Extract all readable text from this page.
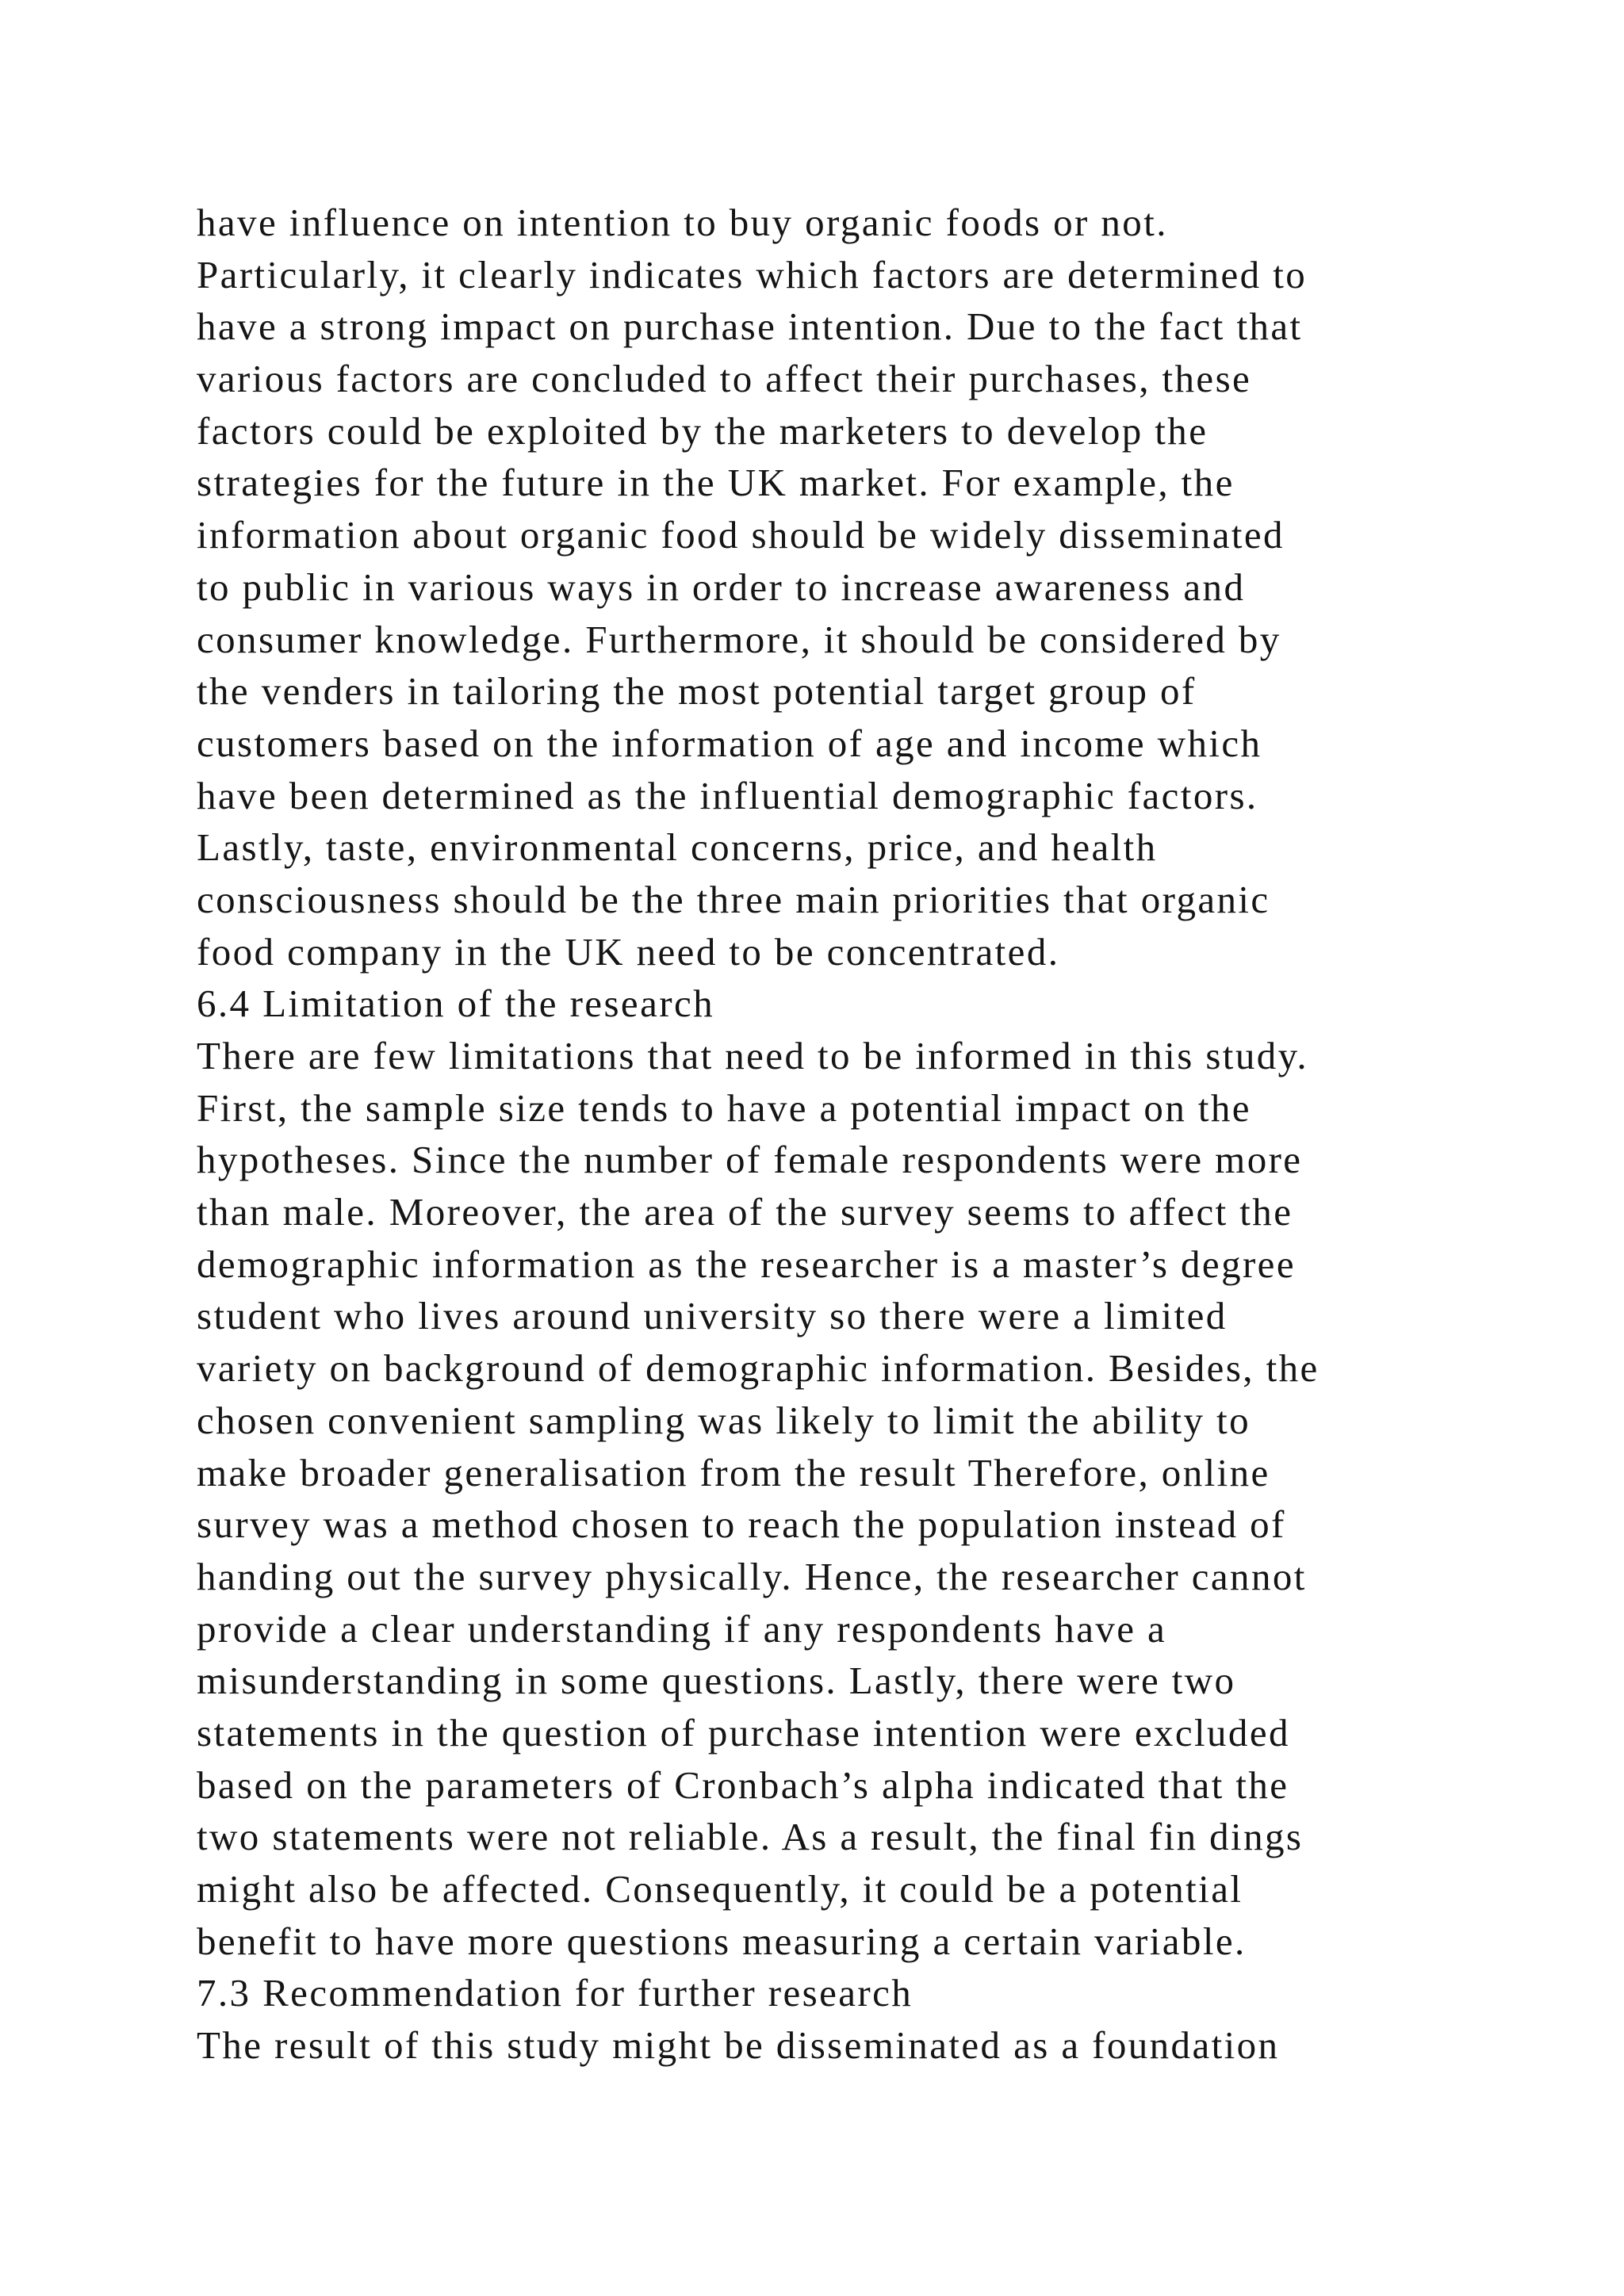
have influence on intention to buy organic foods or not.
Particularly, it clearly indicates which factors are determined to
have a strong impact on purchase intention. Due to the fact that
various factors are concluded to affect their purchases, these
factors could be exploited by the marketers to develop the
strategies for the future in the UK market. For example, the
information about organic food should be widely disseminated
to public in various ways in order to increase awareness and
consumer knowledge. Furthermore, it should be considered by
the venders in tailoring the most potential target group of
customers based on the information of age and income which
have been determined as the influential demographic factors.
Lastly, taste, environmental concerns, price, and health
consciousness should be the three main priorities that organic
food company in the UK need to be concentrated.
6.4 Limitation of the research
There are few limitations that need to be informed in this study.
First, the sample size tends to have a potential impact on the
hypotheses. Since the number of female respondents were more
than male. Moreover, the area of the survey seems to affect the
demographic information as the researcher is a master’s degree
student who lives around university so there were a limited
variety on background of demographic information. Besides, the
chosen convenient sampling was likely to limit the ability to
make broader generalisation from the result Therefore, online
survey was a method chosen to reach the population instead of
handing out the survey physically. Hence, the researcher cannot
provide a clear understanding if any respondents have a
misunderstanding in some questions. Lastly, there were two
statements in the question of purchase intention were excluded
based on the parameters of Cronbach’s alpha indicated that the
two statements were not reliable. As a result, the final fin dings
might also be affected. Consequently, it could be a potential
benefit to have more questions measuring a certain variable.
7.3 Recommendation for further research
The result of this study might be disseminated as a foundation
